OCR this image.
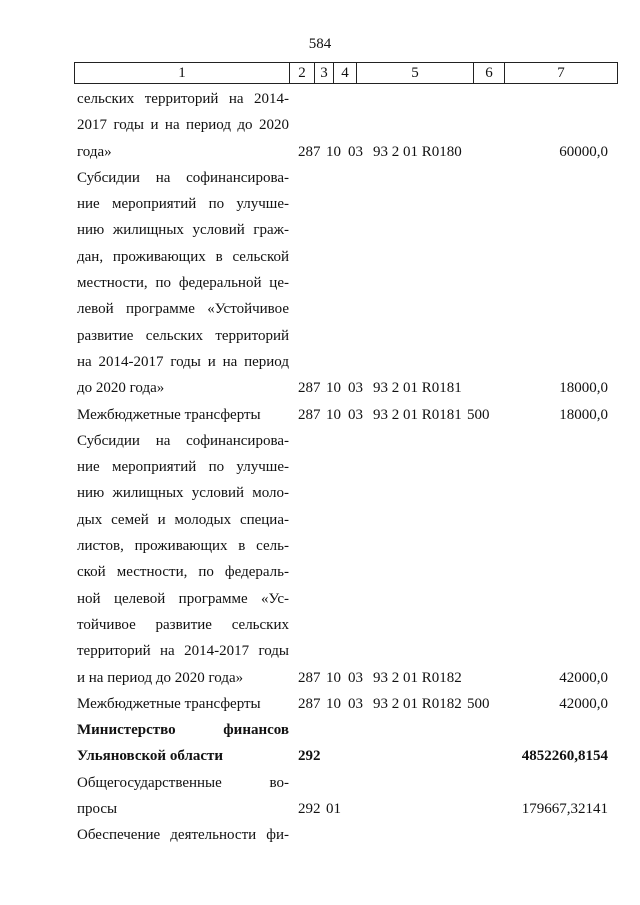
584
1	2	3	4	5	6	7
сельских территорий на 2014-
2017 годы и на период до 2020
года»	287 10 03 93 2 01 R0180	60000,0
Субсидии на софинансирова-
ние мероприятий по улучше-
нию жилищных условий граж-
дан, проживающих в сельской
местности, по федеральной це-
левой программе «Устойчивое
развитие сельских территорий
на 2014-2017 годы и на период
до 2020 года»	287 10 03 93 2 01 R0181	18000,0
Межбюджетные трансферты	287 10 03 93 2 01 R0181 500	18000,0
Субсидии на софинансирова-
ние мероприятий по улучше-
нию жилищных условий моло-
дых семей и молодых специа-
листов, проживающих в сель-
ской местности, по федераль-
ной целевой программе «Ус-
тойчивое развитие сельских
территорий на 2014-2017 годы
и на период до 2020 года»	287 10 03 93 2 01 R0182	42000,0
Межбюджетные трансферты	287 10 03 93 2 01 R0182 500	42000,0
Министерство финансов
Ульяновской области	292	4852260,8154
Общегосударственные во-
просы	292 01	179667,32141
Обеспечение деятельности фи-
